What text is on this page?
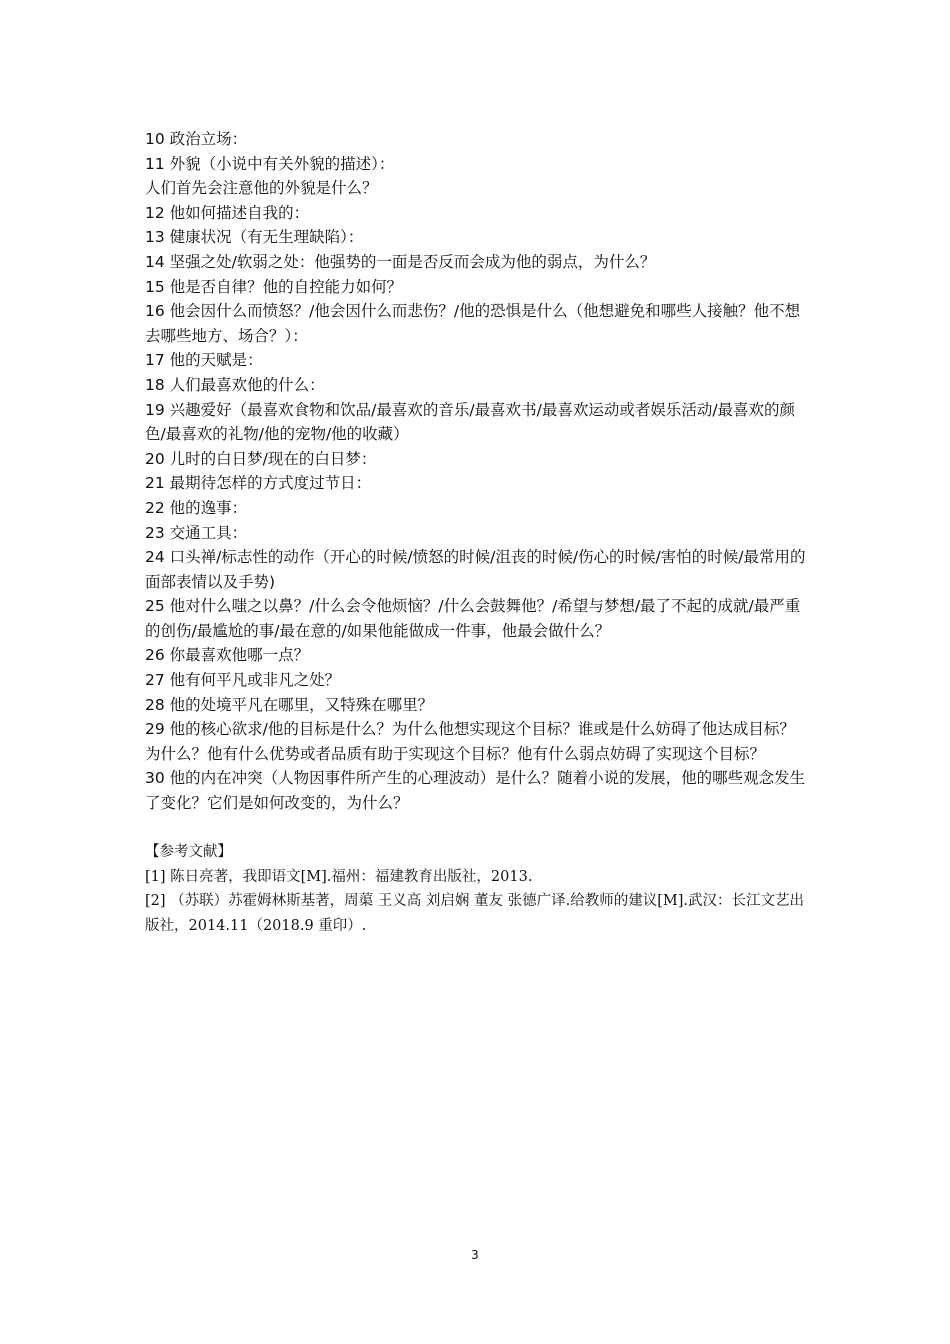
10 政治立场：

11 外貌（小说中有关外貌的描述）：

人们首先会注意他的外貌是什么？

12 他如何描述自我的：

13 健康状况（有无生理缺陷）：

14 坚强之处/软弱之处：他强势的一面是否反而会成为他的弱点，为什么？

15 他是否自律？他的自控能力如何？

16 他会因什么而愤怒？/他会因什么而悲伤？/他的恐惧是什么（他想避免和哪些人接触？他不想去哪些地方、场合？）：

17 他的天赋是：

18 人们最喜欢他的什么：

19 兴趣爱好（最喜欢食物和饮品/最喜欢的音乐/最喜欢书/最喜欢运动或者娱乐活动/最喜欢的颜色/最喜欢的礼物/他的宠物/他的收藏）

20 儿时的白日梦/现在的白日梦：

21 最期待怎样的方式度过节日：

22 他的逸事：

23 交通工具：

24 口头禅/标志性的动作（开心的时候/愤怒的时候/沮丧的时候/伤心的时候/害怕的时候/最常用的面部表情以及手势)

25 他对什么嗤之以鼻？/什么会令他烦恼？/什么会鼓舞他？/希望与梦想/最了不起的成就/最严重的创伤/最尴尬的事/最在意的/如果他能做成一件事，他最会做什么？

26 你最喜欢他哪一点？

27 他有何平凡或非凡之处？

28 他的处境平凡在哪里，又特殊在哪里？

29 他的核心欲求/他的目标是什么？为什么他想实现这个目标？谁或是什么妨碍了他达成目标？为什么？他有什么优势或者品质有助于实现这个目标？他有什么弱点妨碍了实现这个目标？

30 他的内在冲突（人物因事件所产生的心理波动）是什么？随着小说的发展，他的哪些观念发生了变化？它们是如何改变的，为什么？

【参考文献】

[1] 陈日亮著，我即语文[M].福州：福建教育出版社，2013.

[2] （苏联）苏霍姆林斯基著，周蕖 王义高 刘启娴 董友 张德广译.给教师的建议[M].武汉：长江文艺出版社，2014.11（2018.9 重印）.

3
